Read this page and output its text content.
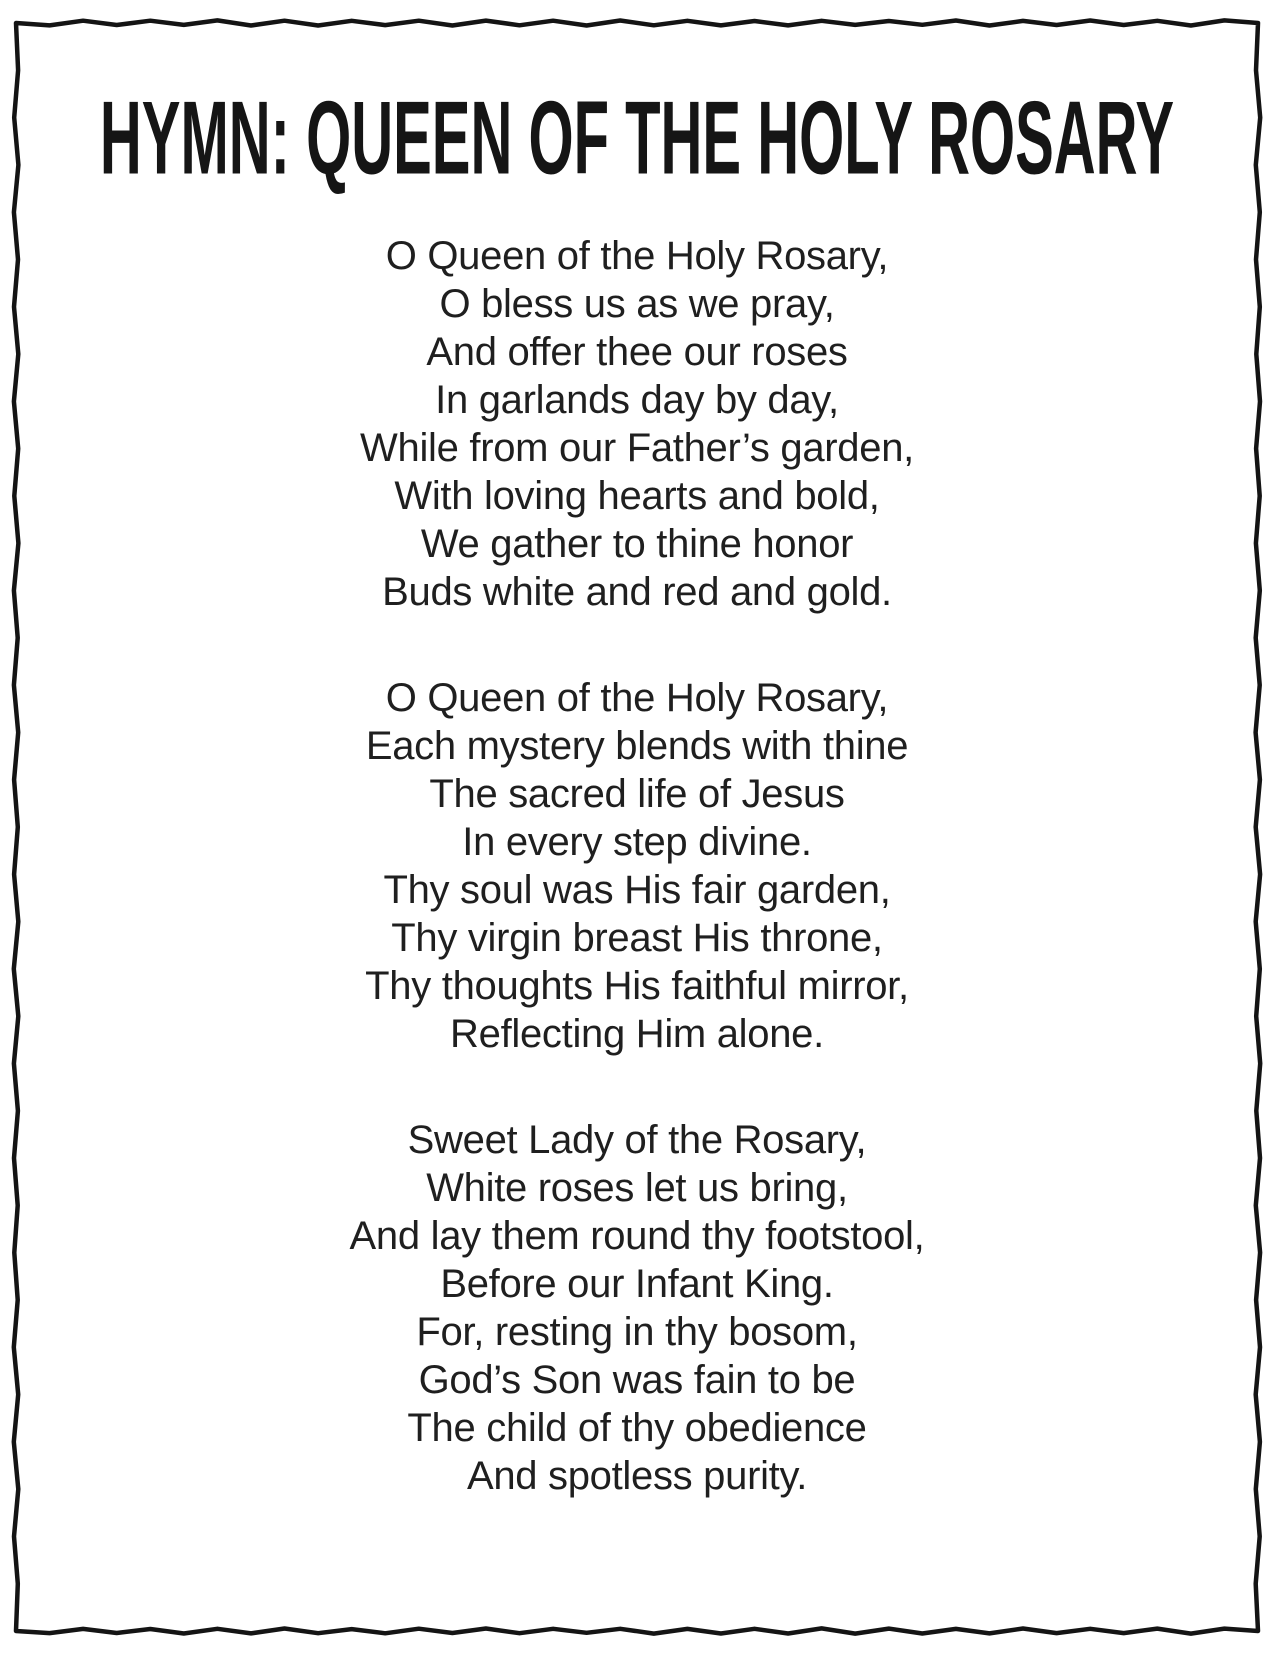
HYMN: QUEEN OF THE HOLY ROSARY
O Queen of the Holy Rosary,
O bless us as we pray,
And offer thee our roses
In garlands day by day,
While from our Father’s garden,
With loving hearts and bold,
We gather to thine honor
Buds white and red and gold.
O Queen of the Holy Rosary,
Each mystery blends with thine
The sacred life of Jesus
In every step divine.
Thy soul was His fair garden,
Thy virgin breast His throne,
Thy thoughts His faithful mirror,
Reflecting Him alone.
Sweet Lady of the Rosary,
White roses let us bring,
And lay them round thy footstool,
Before our Infant King.
For, resting in thy bosom,
God’s Son was fain to be
The child of thy obedience
And spotless purity.
